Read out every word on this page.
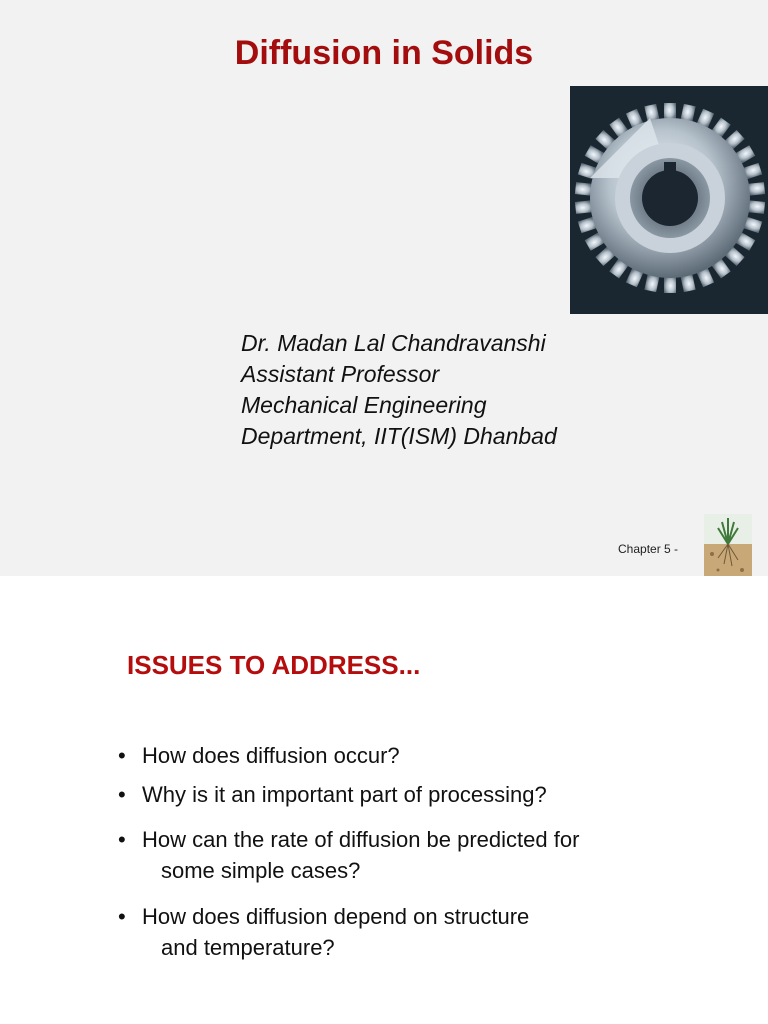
Diffusion in Solids
Dr. Madan Lal Chandravanshi
Assistant Professor
Mechanical Engineering
Department, IIT(ISM) Dhanbad
Chapter 5 -
ISSUES TO ADDRESS...
• How does diffusion occur?
• Why is it an important part of processing?
• How can the rate of diffusion be predicted for
some simple cases?
• How does diffusion depend on structure
and temperature?
